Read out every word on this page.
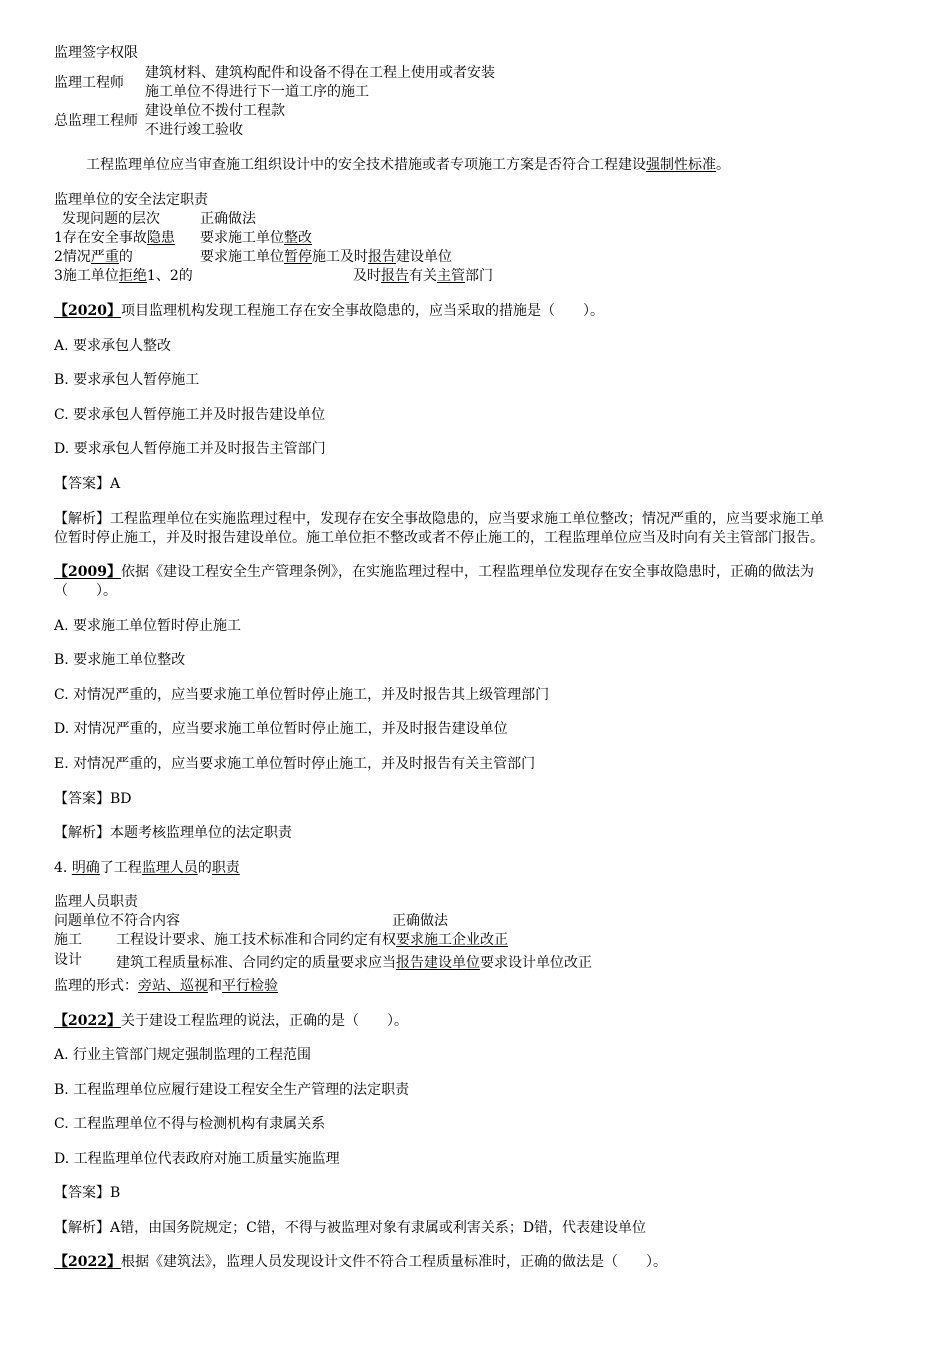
监理签字权限
监理工程师
建筑材料、建筑构配件和设备不得在工程上使用或者安装
施工单位不得进行下一道工序的施工
总监理工程师
建设单位不拨付工程款
不进行竣工验收
工程监理单位应当审查施工组织设计中的安全技术措施或者专项施工方案是否符合工程建设强制性标准。
监理单位的安全法定职责
发现问题的层次	正确做法
1存在安全事故隐患 要求施工单位整改
2情况严重的	要求施工单位暂停施工及时报告建设单位
3施工单位拒绝1、2的	及时报告有关主管部门
【2020】项目监理机构发现工程施工存在安全事故隐患的，应当采取的措施是（　　）。
A. 要求承包人整改
B. 要求承包人暂停施工
C. 要求承包人暂停施工并及时报告建设单位
D. 要求承包人暂停施工并及时报告主管部门
【答案】A
【解析】工程监理单位在实施监理过程中，发现存在安全事故隐患的，应当要求施工单位整改；情况严重的，应当要求施工单
位暂时停止施工，并及时报告建设单位。施工单位拒不整改或者不停止施工的，工程监理单位应当及时向有关主管部门报告。
【2009】依据《建设工程安全生产管理条例》，在实施监理过程中，工程监理单位发现存在安全事故隐患时，正确的做法为
（　　）。
A. 要求施工单位暂时停止施工
B. 要求施工单位整改
C. 对情况严重的，应当要求施工单位暂时停止施工，并及时报告其上级管理部门
D. 对情况严重的，应当要求施工单位暂时停止施工，并及时报告建设单位
E. 对情况严重的，应当要求施工单位暂时停止施工，并及时报告有关主管部门
【答案】BD
【解析】本题考核监理单位的法定职责
4. 明确了工程监理人员的职责
监理人员职责
问题单位不符合内容	正确做法
施工 工程设计要求、施工技术标准和合同约定有权要求施工企业改正
设计 建筑工程质量标准、合同约定的质量要求应当报告建设单位要求设计单位改正
监理的形式：旁站、巡视和平行检验
【2022】关于建设工程监理的说法，正确的是（　　）。
A. 行业主管部门规定强制监理的工程范围
B. 工程监理单位应履行建设工程安全生产管理的法定职责
C. 工程监理单位不得与检测机构有隶属关系
D. 工程监理单位代表政府对施工质量实施监理
【答案】B
【解析】A错，由国务院规定；C错，不得与被监理对象有隶属或利害关系；D错，代表建设单位
【2022】根据《建筑法》，监理人员发现设计文件不符合工程质量标准时，正确的做法是（　　）。
